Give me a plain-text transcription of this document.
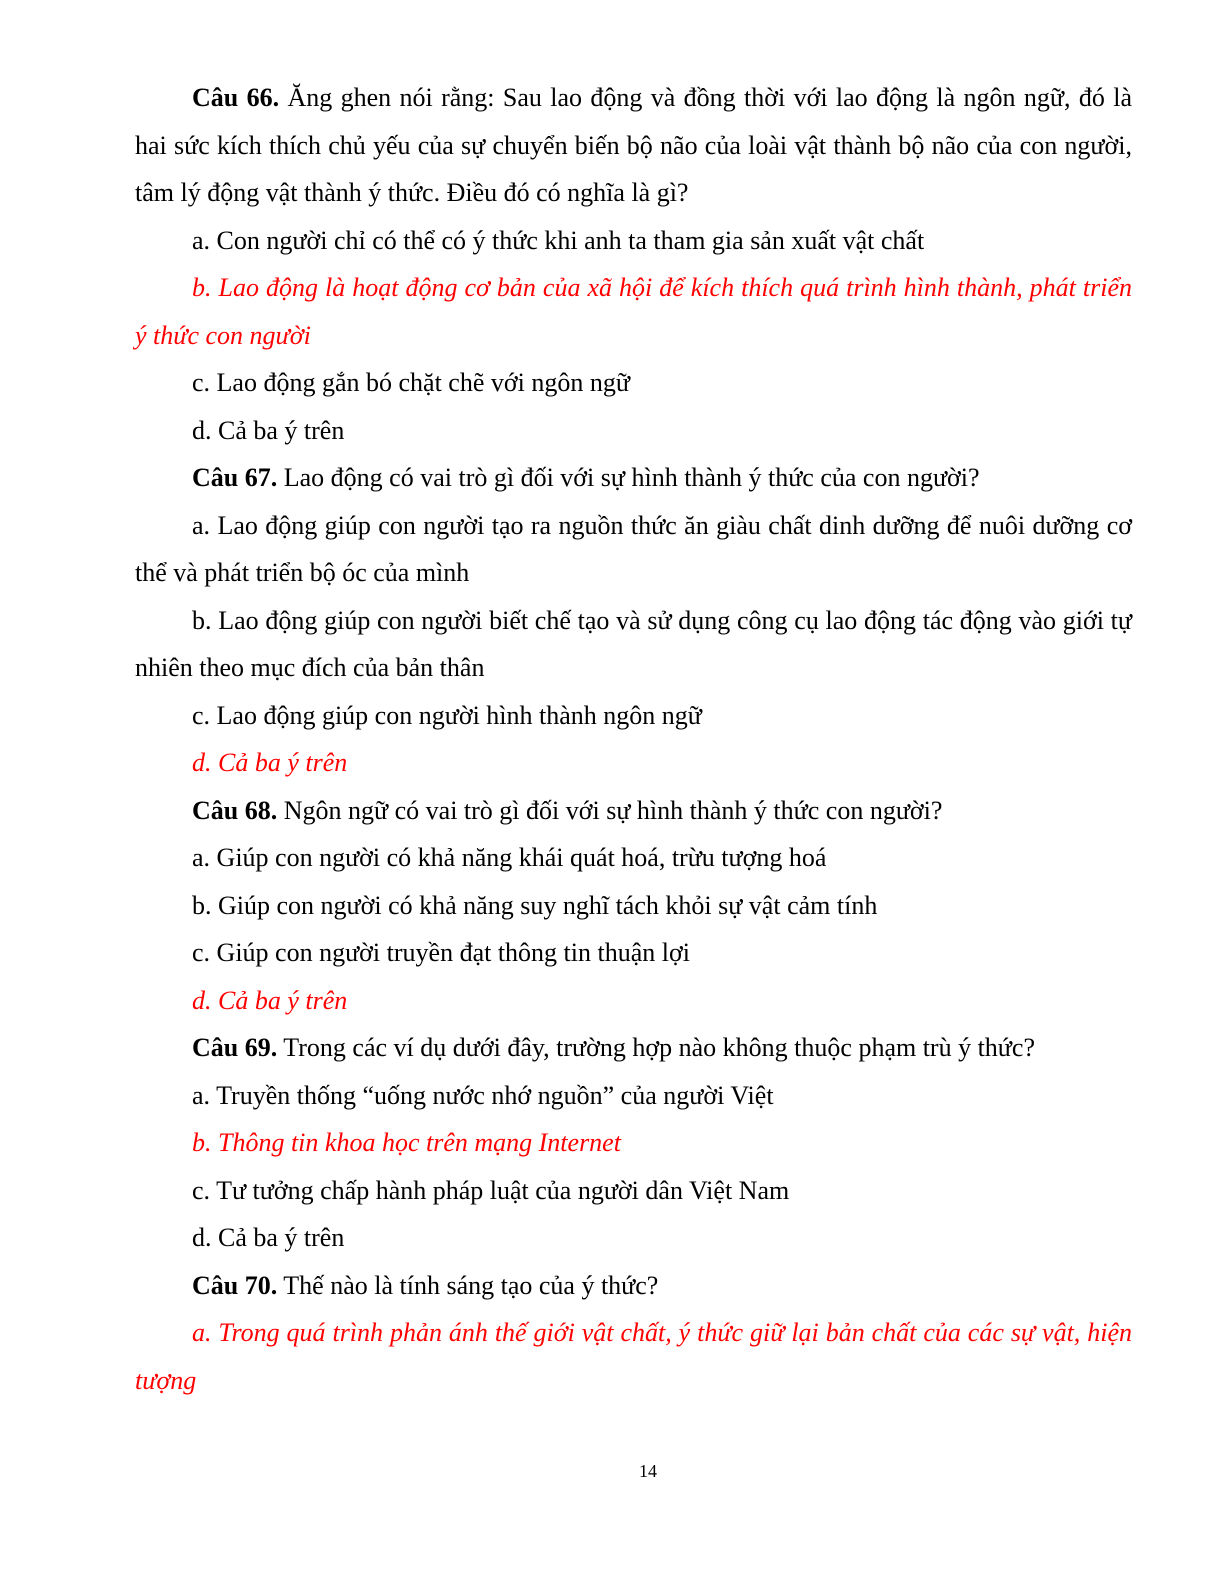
Câu 66. Ăng ghen nói rằng: Sau lao động và đồng thời với lao động là ngôn ngữ, đó là hai sức kích thích chủ yếu của sự chuyển biến bộ não của loài vật thành bộ não của con người, tâm lý động vật thành ý thức. Điều đó có nghĩa là gì?

a. Con người chỉ có thể có ý thức khi anh ta tham gia sản xuất vật chất

b. Lao động là hoạt động cơ bản của xã hội để kích thích quá trình hình thành, phát triển ý thức con người

c. Lao động gắn bó chặt chẽ với ngôn ngữ

d. Cả ba ý trên

Câu 67. Lao động có vai trò gì đối với sự hình thành ý thức của con người?

a. Lao động giúp con người tạo ra nguồn thức ăn giàu chất dinh dưỡng để nuôi dưỡng cơ thể và phát triển bộ óc của mình

b. Lao động giúp con người biết chế tạo và sử dụng công cụ lao động tác động vào giới tự nhiên theo mục đích của bản thân

c. Lao động giúp con người hình thành ngôn ngữ

d. Cả ba ý trên

Câu 68. Ngôn ngữ có vai trò gì đối với sự hình thành ý thức con người?

a. Giúp con người có khả năng khái quát hoá, trừu tượng hoá

b. Giúp con người có khả năng suy nghĩ tách khỏi sự vật cảm tính

c. Giúp con người truyền đạt thông tin thuận lợi

d. Cả ba ý trên

Câu 69. Trong các ví dụ dưới đây, trường hợp nào không thuộc phạm trù ý thức?

a. Truyền thống “uống nước nhớ nguồn” của người Việt

b. Thông tin khoa học trên mạng Internet

c. Tư tưởng chấp hành pháp luật của người dân Việt Nam

d. Cả ba ý trên

Câu 70. Thế nào là tính sáng tạo của ý thức?

a. Trong quá trình phản ánh thế giới vật chất, ý thức giữ lại bản chất của các sự vật, hiện tượng

14
